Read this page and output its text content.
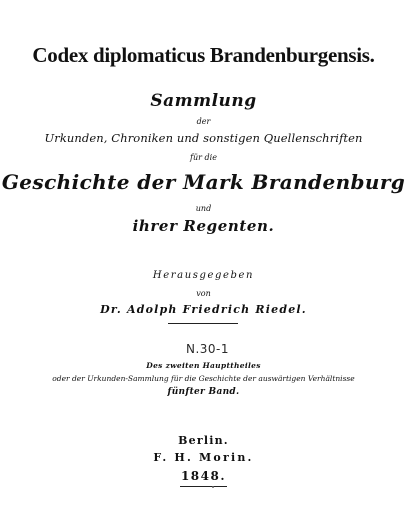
Codex diplomaticus Brandenburgensis.
Sammlung
der
Urkunden, Chroniken und sonstigen Quellenschriften
für die
Geschichte der Mark Brandenburg
und
ihrer Regenten.
Herausgegeben
von
Dr. Adolph Friedrich Riedel.
N.30-1
Des zweiten Haupttheiles
oder der Urkunden-Sammlung für die Geschichte der auswärtigen Verhältnisse
fünfter Band.
Berlin.
F. H. Morin.
1848.
